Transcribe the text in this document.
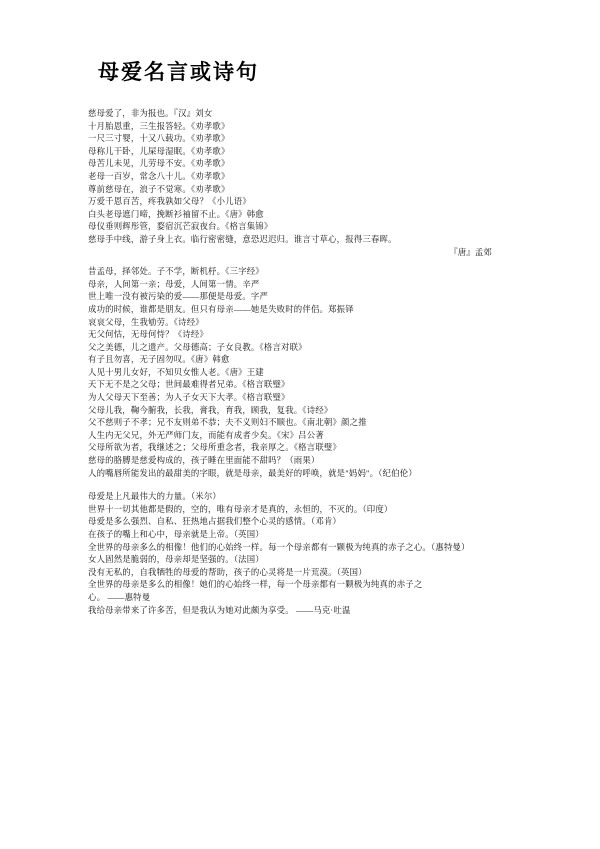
母爱名言或诗句
慈母爱了，非为报也。『汉』刘女
十月胎恩重，三生报答轻。《劝孝歌》
一尺三寸婴，十又八载功。《劝孝歌》
母称儿干卧，儿屎母湿眠。《劝孝歌》
母苦儿未见，儿劳母不安。《劝孝歌》
老母一百岁，常念八十儿。《劝孝歌》
尊前慈母在，浪子不觉寒。《劝孝歌》
万爱千恩百苦，疼我孰如父母？《小儿语》
白头老母遮门啼，挽断衫袖留不止。《唐》韩愈
母仪垂则辉彤管，婺宿沉芒寂夜台。《格言集锦》
慈母手中线，游子身上衣。临行密密缝，意恐迟迟归。谁言寸草心，报得三春晖。
『唐』孟郊
昔孟母，择邻处。子不学，断机杼。《三字经》
母亲，人间第一亲；母爱，人间第一情。辛严
世上唯一没有被污染的爱——那便是母爱。字严
成功的时候，谁都是朋友。但只有母亲——她是失败时的伴侣。郑振铎
哀哀父母，生我劬劳。《诗经》
无父何怙，无母何恃？《诗经》
父之美德，儿之遗产。父母德高；子女良教。《格言对联》
有子且勿喜，无子固勿叹。《唐》韩愈
人见十男儿女好，不知贝女惟人老。《唐》王建
天下无不是之父母；世间最难得者兄弟。《格言联璧》
为人父母天下至善；为人子女天下大孝。《格言联璧》
父母儿我，鞠今腑我，长我，膏我，育我，顾我，复我。《诗经》
父不慈则子不孝；兄不友则弟不恭；夫不义则妇不顺也。《南北朝》颜之推
人生内无父兄，外无严师门友，而能有成者少矣。《宋》吕公著
父母所欲为者，我继述之；父母所重念者，我亲厚之。《格言联璧》
慈母的胳膊是慈爱构成的，孩子睡在里面能不甜吗？（雨果）
人的嘴唇所能发出的最甜美的字眼，就是母亲，最美好的呼唤，就是"妈妈"。（纪伯伦）
母爱是上凡最伟大的力量。（米尔）
世界十一切其他都是假的，空的，唯有母亲才是真的，永恒的，不灭的。（印度）
母爱是多么强烈、自私、狂热地占据我们整个心灵的感情。（邓肯）
在孩子的嘴上和心中，母亲就是上帝。（英国）
全世界的母亲多么的相像！他们的心始终一样。每一个母亲都有一颗极为纯真的赤子之心。（惠特曼）
女人固然是脆弱的，母亲却是坚强的。（法国）
没有无私的，自我牺牲的母爱的帮助，孩子的心灵将是一片荒漠。（英国）
全世界的母亲是多么的相像！她们的心始终一样，每一个母亲都有一颗极为纯真的赤子之
心。 ——惠特曼
我给母亲带来了许多苦，但是我认为她对此颇为享受。 ——马克·吐温
